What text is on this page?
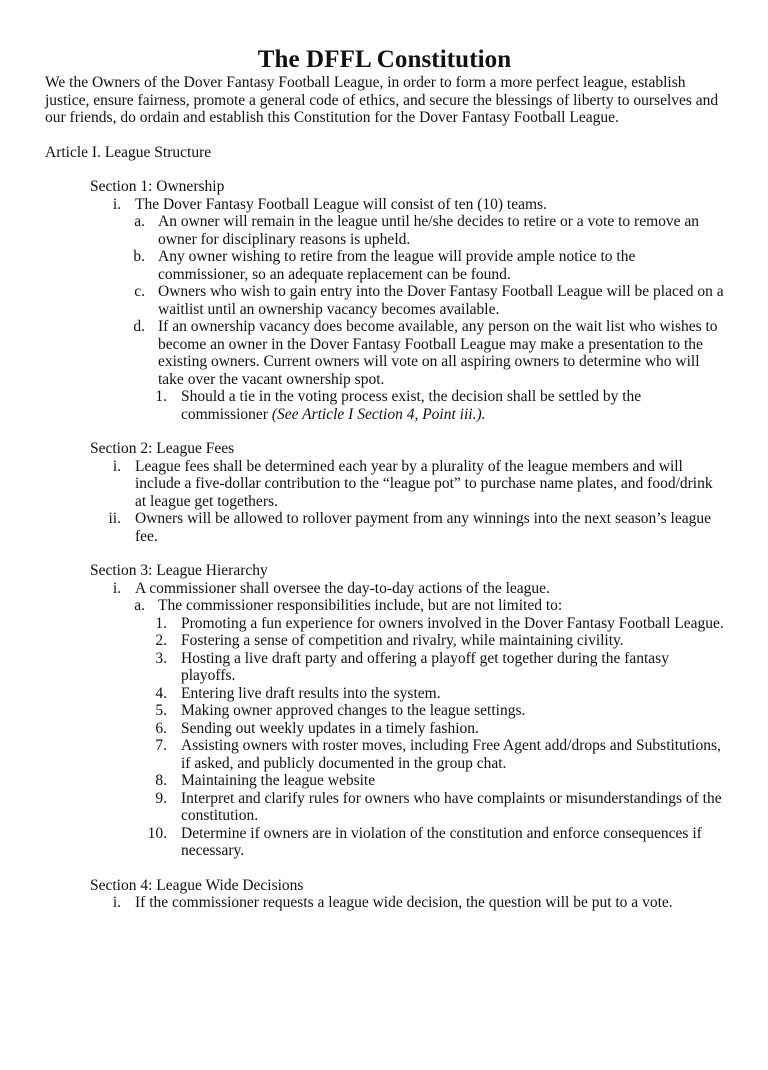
The DFFL Constitution

We the Owners of the Dover Fantasy Football League, in order to form a more perfect league, establish justice, ensure fairness, promote a general code of ethics, and secure the blessings of liberty to ourselves and our friends, do ordain and establish this Constitution for the Dover Fantasy Football League.

Article I. League Structure

Section 1: Ownership
i. The Dover Fantasy Football League will consist of ten (10) teams.
a. An owner will remain in the league until he/she decides to retire or a vote to remove an owner for disciplinary reasons is upheld.
b. Any owner wishing to retire from the league will provide ample notice to the commissioner, so an adequate replacement can be found.
c. Owners who wish to gain entry into the Dover Fantasy Football League will be placed on a waitlist until an ownership vacancy becomes available.
d. If an ownership vacancy does become available, any person on the wait list who wishes to become an owner in the Dover Fantasy Football League may make a presentation to the existing owners. Current owners will vote on all aspiring owners to determine who will take over the vacant ownership spot.
1. Should a tie in the voting process exist, the decision shall be settled by the commissioner (See Article I Section 4, Point iii.).
Section 2: League Fees
i. League fees shall be determined each year by a plurality of the league members and will include a five-dollar contribution to the “league pot” to purchase name plates, and food/drink at league get togethers.
ii. Owners will be allowed to rollover payment from any winnings into the next season’s league fee.
Section 3: League Hierarchy
i. A commissioner shall oversee the day-to-day actions of the league.
a. The commissioner responsibilities include, but are not limited to:
1. Promoting a fun experience for owners involved in the Dover Fantasy Football League.
2. Fostering a sense of competition and rivalry, while maintaining civility.
3. Hosting a live draft party and offering a playoff get together during the fantasy playoffs.
4. Entering live draft results into the system.
5. Making owner approved changes to the league settings.
6. Sending out weekly updates in a timely fashion.
7. Assisting owners with roster moves, including Free Agent add/drops and Substitutions, if asked, and publicly documented in the group chat.
8. Maintaining the league website
9. Interpret and clarify rules for owners who have complaints or misunderstandings of the constitution.
10. Determine if owners are in violation of the constitution and enforce consequences if necessary.
Section 4: League Wide Decisions
i. If the commissioner requests a league wide decision, the question will be put to a vote.
